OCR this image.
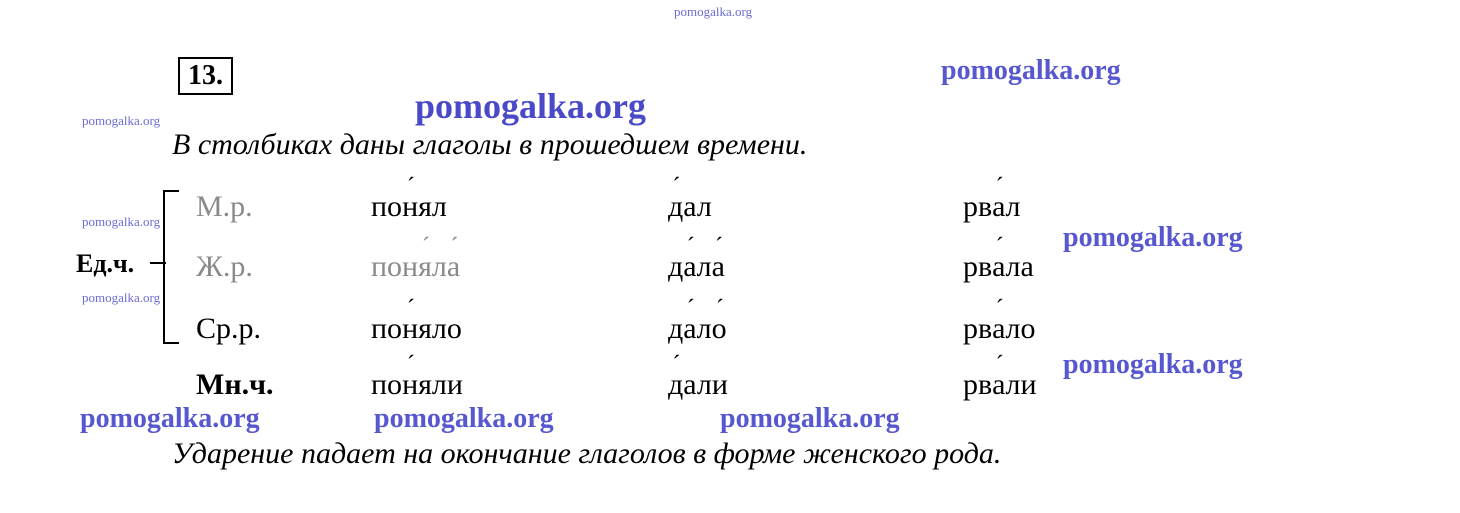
pomogalka.org
pomogalka.org
pomogalka.org
pomogalka.org
pomogalka.org
pomogalka.org
pomogalka.org
pomogalka.org
pomogalka.org	pomogalka.org	pomogalka.org
13.
В столбиках даны глаголы в прошедшем времени.
Ед.ч.
Мн.ч.
М.р.
Ж.р.
Ср.р.
пон ´ял
поня ´ла ´
пон ´яло
пон ´яли
д ´ал
да ´ла ´
да ´ло ´
д ´али
рва ´л
рва ´ла
рва ´ло
рва ´ли
Ударение падает на окончание глаголов в форме женского рода.
